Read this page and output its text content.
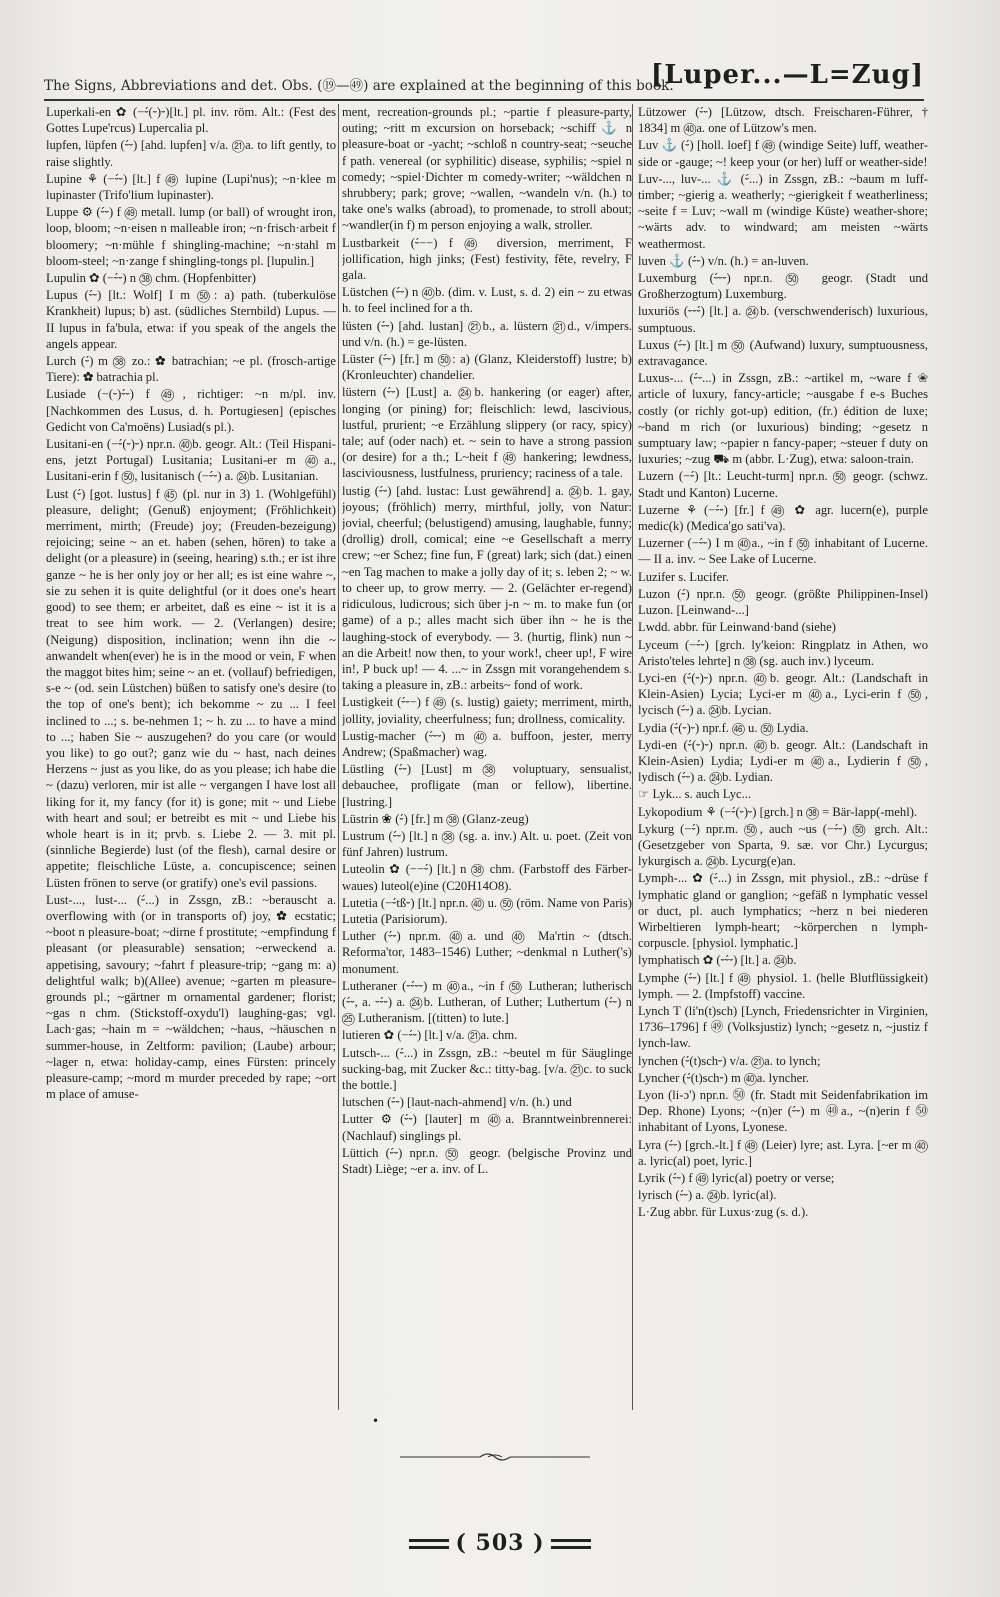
The Signs, Abbreviations and det. Obs. (⑲—㊾) are explained at the beginning of this book.
[Luper...—L=Zug]

Luperkali-en ✿ (−⏑́(⏑)⏑)[lt.] pl. inv. röm. Alt.: (Fest des Gottes Lupe'rcus) Lupercalia pl.

lupfen, lüpfen (⏑́⏑) [ahd. lupfen] v/a. ㉑a. to lift gently, to raise slightly.

Lupine ⚘ (−⏑́⏑) [lt.] f ㊾ lupine (Lupi'nus); ~n·klee m lupinaster (Trifo'lium lupinaster).

Luppe ⚙ (⏑́⏑) f ㊾ metall. lump (or ball) of wrought iron, loop, bloom; ~n·eisen n malleable iron; ~n·frisch·arbeit f bloomery; ~n·mühle f shingling-machine; ~n·stahl m bloom-steel; ~n·zange f shingling-tongs pl. [lupulin.]

Lupulin ✿ (−⏑́⏑) n ㊳ chm. (Hopfenbitter)

Lupus (⏑́⏑) [lt.: Wolf] I m ㊿: a) path. (tuberkulöse Krankheit) lupus; b) ast. (südliches Sternbild) Lupus. — II lupus in fa'bula, etwa: if you speak of the angels the angels appear.

Lurch (⏑́) m ㊳ zo.: ✿ batrachian; ~e pl. (frosch-artige Tiere): ✿ batrachia pl.

Lusiade (−(⏑)⏑́⏑) f ㊾, richtiger: ~n m/pl. inv. [Nachkommen des Lusus, d. h. Portugiesen] (episches Gedicht von Ca'moëns) Lusiad(s pl.).

Lusitani-en (−⏑́(⏑)⏑) npr.n. ㊵b. geogr. Alt.: (Teil Hispani-ens, jetzt Portugal) Lusitania; Lusitani-er m ㊵a., Lusitani-erin f ㊿, lusitanisch (−⏑́⏑) a. ㉔b. Lusitanian.

Lust (⏑́) [got. lustus] f ㊺ (pl. nur in 3) 1. (Wohlgefühl) pleasure, delight; (Genuß) enjoyment; (Fröhlichkeit) merriment, mirth; (Freude) joy; (Freuden-bezeigung) rejoicing; seine ~ an et. haben (sehen, hören) to take a delight (or a pleasure) in (seeing, hearing) s.th.; er ist ihre ganze ~ he is her only joy or her all; es ist eine wahre ~, sie zu sehen it is quite delightful (or it does one's heart good) to see them; er arbeitet, daß es eine ~ ist it is a treat to see him work. — 2. (Verlangen) desire; (Neigung) disposition, inclination; wenn ihn die ~ anwandelt when(ever) he is in the mood or vein, F when the maggot bites him; seine ~ an et. (vollauf) befriedigen, s-e ~ (od. sein Lüstchen) büßen to satisfy one's desire (to the top of one's bent); ich bekomme ~ zu ... I feel inclined to ...; s. be-nehmen 1; ~ h. zu ... to have a mind to ...; haben Sie ~ auszugehen? do you care (or would you like) to go out?; ganz wie du ~ hast, nach deines Herzens ~ just as you like, do as you please; ich habe die ~ (dazu) verloren, mir ist alle ~ vergangen I have lost all liking for it, my fancy (for it) is gone; mit ~ und Liebe with heart and soul; er betreibt es mit ~ und Liebe his whole heart is in it; prvb. s. Liebe 2. — 3. mit pl. (sinnliche Begierde) lust (of the flesh), carnal desire or appetite; fleischliche Lüste, a. concupiscence; seinen Lüsten frönen to serve (or gratify) one's evil passions.

Lust-..., lust-... (⏑́...) in Zssgn, zB.: ~berauscht a. overflowing with (or in transports of) joy, ✿ ecstatic; ~boot n pleasure-boat; ~dirne f prostitute; ~empfindung f pleasant (or pleasurable) sensation; ~erweckend a. appetising, savoury; ~fahrt f pleasure-trip; ~gang m: a) delightful walk; b)(Allee) avenue; ~garten m pleasure-grounds pl.; ~gärtner m ornamental gardener; florist; ~gas n chm. (Stickstoff-oxydu'l) laughing-gas; vgl. Lach·gas; ~hain m = ~wäldchen; ~haus, ~häuschen n summer-house, in Zeltform: pavilion; (Laube) arbour; ~lager n, etwa: holiday-camp, eines Fürsten: princely pleasure-camp; ~mord m murder preceded by rape; ~ort m place of amuse-

ment, recreation-grounds pl.; ~partie f pleasure-party, outing; ~ritt m excursion on horseback; ~schiff ⚓ n pleasure-boat or -yacht; ~schloß n country-seat; ~seuche f path. venereal (or syphilitic) disease, syphilis; ~spiel n comedy; ~spiel·Dichter m comedy-writer; ~wäldchen n shrubbery; park; grove; ~wallen, ~wandeln v/n. (h.) to take one's walks (abroad), to promenade, to stroll about; ~wandler(in f) m person enjoying a walk, stroller.

Lustbarkeit (⏑́−−) f ㊾ diversion, merriment, F jollification, high jinks; (Fest) festivity, fête, revelry, F gala.

Lüstchen (⏑́⏑) n ㊵b. (dim. v. Lust, s. d. 2) ein ~ zu etwas h. to feel inclined for a th.

lüsten (⏑́⏑) [ahd. lustan] ㉑b., a. lüstern ㉑d., v/impers. und v/n. (h.) = ge-lüsten.

Lüster (⏑́⏑) [fr.] m ㊿: a) (Glanz, Kleiderstoff) lustre; b) (Kronleuchter) chandelier.

lüstern (⏑́⏑) [Lust] a. ㉔b. hankering (or eager) after, longing (or pining) for; fleischlich: lewd, lascivious, lustful, prurient; ~e Erzählung slippery (or racy, spicy) tale; auf (oder nach) et. ~ sein to have a strong passion (or desire) for a th.; L~heit f ㊾ hankering; lewdness, lasciviousness, lustfulness, pruriency; raciness of a tale.

lustig (⏑́⏑) [ahd. lustac: Lust gewährend] a. ㉔b. 1. gay, joyous; (fröhlich) merry, mirthful, jolly, von Natur: jovial, cheerful; (belustigend) amusing, laughable, funny; (drollig) droll, comical; eine ~e Gesellschaft a merry crew; ~er Schez; fine fun, F (great) lark; sich (dat.) einen ~en Tag machen to make a jolly day of it; s. leben 2; ~ w. to cheer up, to grow merry. — 2. (Gelächter er-regend) ridiculous, ludicrous; sich über j-n ~ m. to make fun (or game) of a p.; alles macht sich über ihn ~ he is the laughing-stock of everybody. — 3. (hurtig, flink) nun ~ an die Arbeit! now then, to your work!, cheer up!, F wire in!, P buck up! — 4. ...~ in Zssgn mit vorangehendem s. taking a pleasure in, zB.: arbeits~ fond of work.

Lustigkeit (⏑́⏑−) f ㊾ (s. lustig) gaiety; merriment, mirth, jollity, joviality, cheerfulness; fun; drollness, comicality.

Lustig-macher (⏑́⏑⏑) m ㊵a. buffoon, jester, merry Andrew; (Spaßmacher) wag.

Lüstling (⏑́⏑) [Lust] m ㊳ voluptuary, sensualist, debauchee, profligate (man or fellow), libertine. [lustring.]

Lüstrin ❀ (⏑́) [fr.] m ㊳ (Glanz-zeug)

Lustrum (⏑́⏑) [lt.] n ㊳ (sg. a. inv.) Alt. u. poet. (Zeit von fünf Jahren) lustrum.

Luteolin ✿ (−−⏑́) [lt.] n ㊳ chm. (Farbstoff des Färber-waues) luteol(e)ine (C20H14O8).

Lutetia (−⏑́tß⏑) [lt.] npr.n. ㊵ u. ㊿ (röm. Name von Paris) Lutetia (Parisiorum).

Luther (⏑́⏑) npr.m. ㊵a. und ㊵ Ma'rtin ~ (dtsch. Reforma'tor, 1483–1546) Luther; ~denkmal n Luther('s) monument.

Lutheraner (⏑⏑́⏑⏑) m ㊵a., ~in f ㊿ Lutheran; lutherisch (⏑́⏑, a. ⏑⏑́⏑) a. ㉔b. Lutheran, of Luther; Luthertum (⏑́⏑) n ㉕ Lutheranism. [(titten) to lute.]

lutieren ✿ (−⏑́⏑) [lt.] v/a. ㉑a. chm.

Lutsch-... (⏑́...) in Zssgn, zB.: ~beutel m für Säuglinge sucking-bag, mit Zucker &c.: titty-bag. [v/a. ㉑c. to suck the bottle.]

lutschen (⏑́⏑) [laut-nach-ahmend] v/n. (h.) und

Lutter ⚙ (⏑́⏑) [lauter] m ㊵a. Branntweinbrennerei: (Nachlauf) singlings pl.

Lüttich (⏑́⏑) npr.n. ㊿ geogr. (belgische Provinz und Stadt) Liège; ~er a. inv. of L.

Lützower (⏑́⏑) [Lützow, dtsch. Freischaren-Führer, † 1834] m ㊵a. one of Lützow's men.

Luv ⚓ (⏑́) [holl. loef] f ㊾ (windige Seite) luff, weather-side or -gauge; ~! keep your (or her) luff or weather-side!

Luv-..., luv-... ⚓ (⏑́...) in Zssgn, zB.: ~baum m luff-timber; ~gierig a. weatherly; ~gierigkeit f weatherliness; ~seite f = Luv; ~wall m (windige Küste) weather-shore; ~wärts adv. to windward; am meisten ~wärts weathermost.

luven ⚓ (⏑́⏑) v/n. (h.) = an-luven.

Luxemburg (⏑́⏑⏑) npr.n. ㊿ geogr. (Stadt und Großherzogtum) Luxemburg.

luxuriös (⏑⏑⏑́) [lt.] a. ㉔b. (verschwenderisch) luxurious, sumptuous.

Luxus (⏑́⏑) [lt.] m ㊿ (Aufwand) luxury, sumptuousness, extravagance.

Luxus-... (⏑́⏑...) in Zssgn, zB.: ~artikel m, ~ware f ❀ article of luxury, fancy-article; ~ausgabe f e-s Buches costly (or richly got-up) edition, (fr.) édition de luxe; ~band m rich (or luxurious) binding; ~gesetz n sumptuary law; ~papier n fancy-paper; ~steuer f duty on luxuries; ~zug ⛟ m (abbr. L·Zug), etwa: saloon-train.

Luzern (−⏑́) [lt.: Leucht-turm] npr.n. ㊿ geogr. (schwz. Stadt und Kanton) Lucerne.

Luzerne ⚘ (−⏑́⏑) [fr.] f ㊾ ✿ agr. lucern(e), purple medic(k) (Medica'go sati'va).

Luzerner (−⏑́⏑) I m ㊵a., ~in f ㊿ inhabitant of Lucerne. — II a. inv. ~ See Lake of Lucerne.

Luzifer s. Lucifer.

Luzon (⏑́) npr.n. ㊿ geogr. (größte Philippinen-Insel) Luzon. [Leinwand-...]

Lwdd. abbr. für Leinwand·band (siehe)

Lyceum (−⏑́⏑) [grch. ly'keion: Ringplatz in Athen, wo Aristo'teles lehrte] n ㊳ (sg. auch inv.) lyceum.

Lyci-en (⏑́(⏑)⏑) npr.n. ㊵b. geogr. Alt.: (Landschaft in Klein-Asien) Lycia; Lyci-er m ㊵a., Lyci-erin f ㊿, lycisch (⏑́⏑) a. ㉔b. Lycian.

Lydia (⏑́(⏑)⏑) npr.f. ㊻ u. ㊿ Lydia.

Lydi-en (⏑́(⏑)⏑) npr.n. ㊵b. geogr. Alt.: (Landschaft in Klein-Asien) Lydia; Lydi-er m ㊵a., Lydierin f ㊿, lydisch (⏑́⏑) a. ㉔b. Lydian.

☞ Lyk... s. auch Lyc...

Lykopodium ⚘ (−⏑́(⏑)⏑) [grch.] n ㊳ = Bär-lapp(-mehl).

Lykurg (−⏑́) npr.m. ㊿, auch ~us (−⏑́⏑) ㊿ grch. Alt.: (Gesetzgeber von Sparta, 9. sæ. vor Chr.) Lycurgus; lykurgisch a. ㉔b. Lycurg(e)an.

Lymph-... ✿ (⏑́...) in Zssgn, mit physiol., zB.: ~drüse f lymphatic gland or ganglion; ~gefäß n lymphatic vessel or duct, pl. auch lymphatics; ~herz n bei niederen Wirbeltieren lymph-heart; ~körperchen n lymph-corpuscle. [physiol. lymphatic.]

lymphatisch ✿ (⏑⏑́⏑) [lt.] a. ㉔b.

Lymphe (⏑́⏑) [lt.] f ㊾ physiol. 1. (helle Blutflüssigkeit) lymph. — 2. (Impfstoff) vaccine.

Lynch T (li'n(t)sch) [Lynch, Friedensrichter in Virginien, 1736–1796] f ㊾ (Volksjustiz) lynch; ~gesetz n, ~justiz f lynch-law.

lynchen (⏑́(t)sch⏑) v/a. ㉑a. to lynch;

Lyncher (⏑́(t)sch⏑) m ㊵a. lyncher.

Lyon (li-ɔ') npr.n. ㊿ (fr. Stadt mit Seidenfabrikation im Dep. Rhone) Lyons; ~(n)er (⏑́⏑) m ㊵a., ~(n)erin f ㊿ inhabitant of Lyons, Lyonese.

Lyra (⏑́⏑) [grch.-lt.] f ㊾ (Leier) lyre; ast. Lyra. [~er m ㊵a. lyric(al) poet, lyric.]

Lyrik (⏑́⏑) f ㊾ lyric(al) poetry or verse;

lyrisch (⏑́⏑) a. ㉔b. lyric(al).

L·Zug abbr. für Luxus·zug (s. d.).

•
( 503 )
